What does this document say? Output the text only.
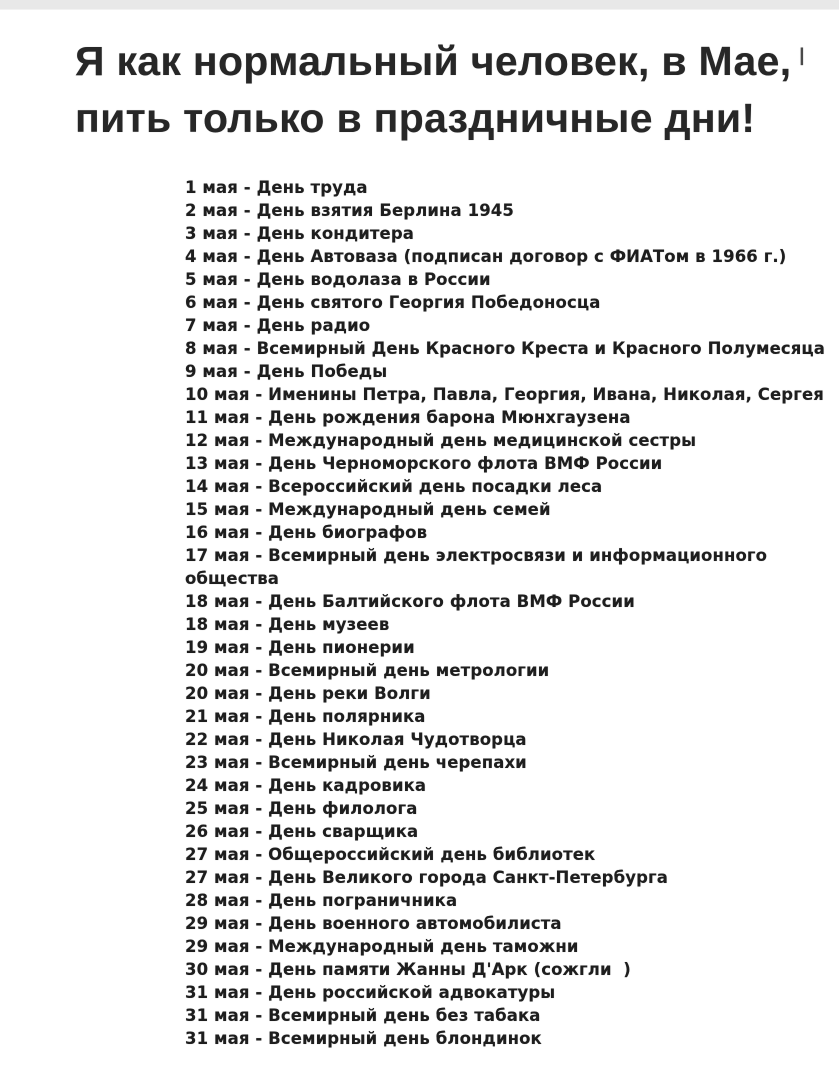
Я как нормальный человек, в Мае, |
пить только в праздничные дни!
1 мая - День труда
2 мая - День взятия Берлина 1945
3 мая - День кондитера
4 мая - День Автоваза (подписан договор с ФИАТом в 1966 г.)
5 мая - День водолаза в России
6 мая - День святого Георгия Победоносца
7 мая - День радио
8 мая - Всемирный День Красного Креста и Красного Полумесяца
9 мая - День Победы
10 мая - Именины Петра, Павла, Георгия, Ивана, Николая, Сергея
11 мая - День рождения барона Мюнхгаузена
12 мая - Международный день медицинской сестры
13 мая - День Черноморского флота ВМФ России
14 мая - Всероссийский день посадки леса
15 мая - Международный день семей
16 мая - День биографов
17 мая - Всемирный день электросвязи и информационного
общества
18 мая - День Балтийского флота ВМФ России
18 мая - День музеев
19 мая - День пионерии
20 мая - Всемирный день метрологии
20 мая - День реки Волги
21 мая - День полярника
22 мая - День Николая Чудотворца
23 мая - Всемирный день черепахи
24 мая - День кадровика
25 мая - День филолога
26 мая - День сварщика
27 мая - Общероссийский день библиотек
27 мая - День Великого города Санкт-Петербурга
28 мая - День пограничника
29 мая - День военного автомобилиста
29 мая - Международный день таможни
30 мая - День памяти Жанны Д'Арк (сожгли  )
31 мая - День российской адвокатуры
31 мая - Всемирный день без табака
31 мая - Всемирный день блондинок
